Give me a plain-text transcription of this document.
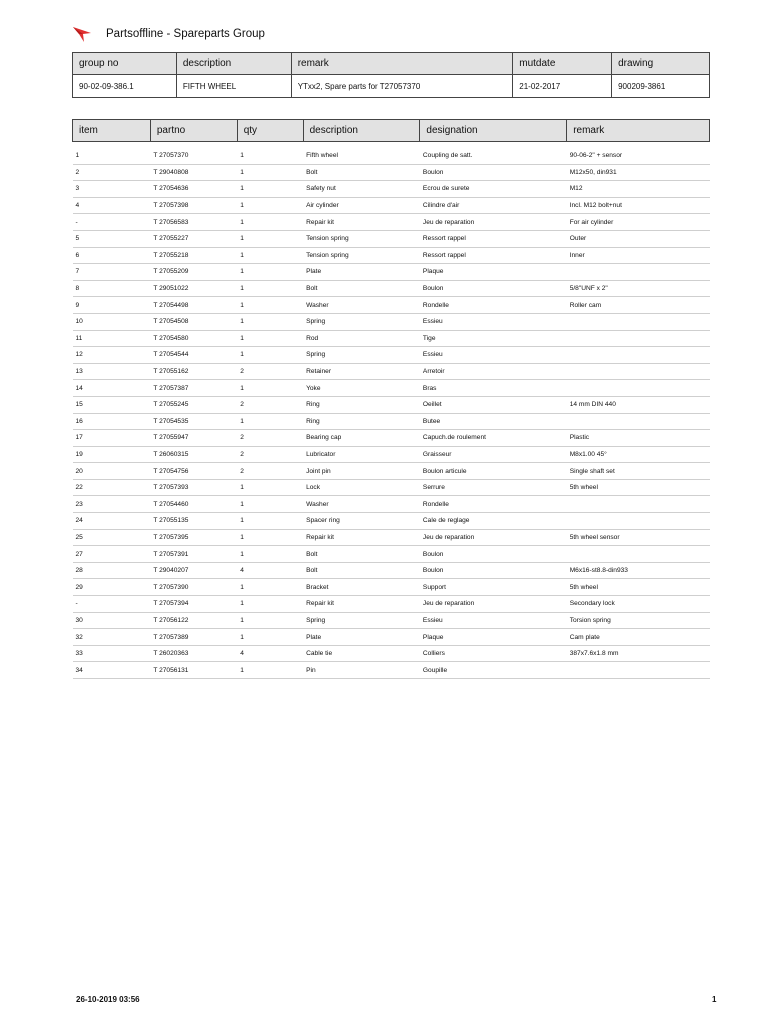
Partsoffline - Spareparts Group
group no	description	remark	mutdate	drawing
90-02-09-386.1	FIFTH WHEEL	YTxx2, Spare parts for T27057370	21-02-2017	900209-3861
item	partno	qty	description	designation	remark

1	T 27057370	1	Fifth wheel	Coupling de satt.	90-06-2" + sensor
2	T 29040808	1	Bolt	Boulon	M12x50, din931
3	T 27054636	1	Safety nut	Ecrou de surete	M12
4	T 27057398	1	Air cylinder	Cilindre d'air	Incl. M12 bolt+nut
-	T 27056583	1	Repair kit	Jeu de reparation	For air cylinder
5	T 27055227	1	Tension spring	Ressort rappel	Outer
6	T 27055218	1	Tension spring	Ressort rappel	Inner
7	T 27055209	1	Plate	Plaque	
8	T 29051022	1	Bolt	Boulon	5/8"UNF x 2"
9	T 27054498	1	Washer	Rondelle	Roller cam
10	T 27054508	1	Spring	Essieu	
11	T 27054580	1	Rod	Tige	
12	T 27054544	1	Spring	Essieu	
13	T 27055162	2	Retainer	Arretoir	
14	T 27057387	1	Yoke	Bras	
15	T 27055245	2	Ring	Oeillet	14 mm DIN 440
16	T 27054535	1	Ring	Butee	
17	T 27055947	2	Bearing cap	Capuch.de roulement	Plastic
19	T 26060315	2	Lubricator	Graisseur	M8x1.00 45°
20	T 27054756	2	Joint pin	Boulon articule	Single shaft set
22	T 27057393	1	Lock	Serrure	5th wheel
23	T 27054460	1	Washer	Rondelle	
24	T 27055135	1	Spacer ring	Cale de reglage	
25	T 27057395	1	Repair kit	Jeu de reparation	5th wheel sensor
27	T 27057391	1	Bolt	Boulon	
28	T 29040207	4	Bolt	Boulon	M6x16-st8.8-din933
29	T 27057390	1	Bracket	Support	5th wheel
-	T 27057394	1	Repair kit	Jeu de reparation	Secondary lock
30	T 27056122	1	Spring	Essieu	Torsion spring
32	T 27057389	1	Plate	Plaque	Cam plate
33	T 26020363	4	Cable tie	Colliers	387x7.6x1.8 mm
34	T 27056131	1	Pin	Goupille	
26-10-2019 03:56	1
